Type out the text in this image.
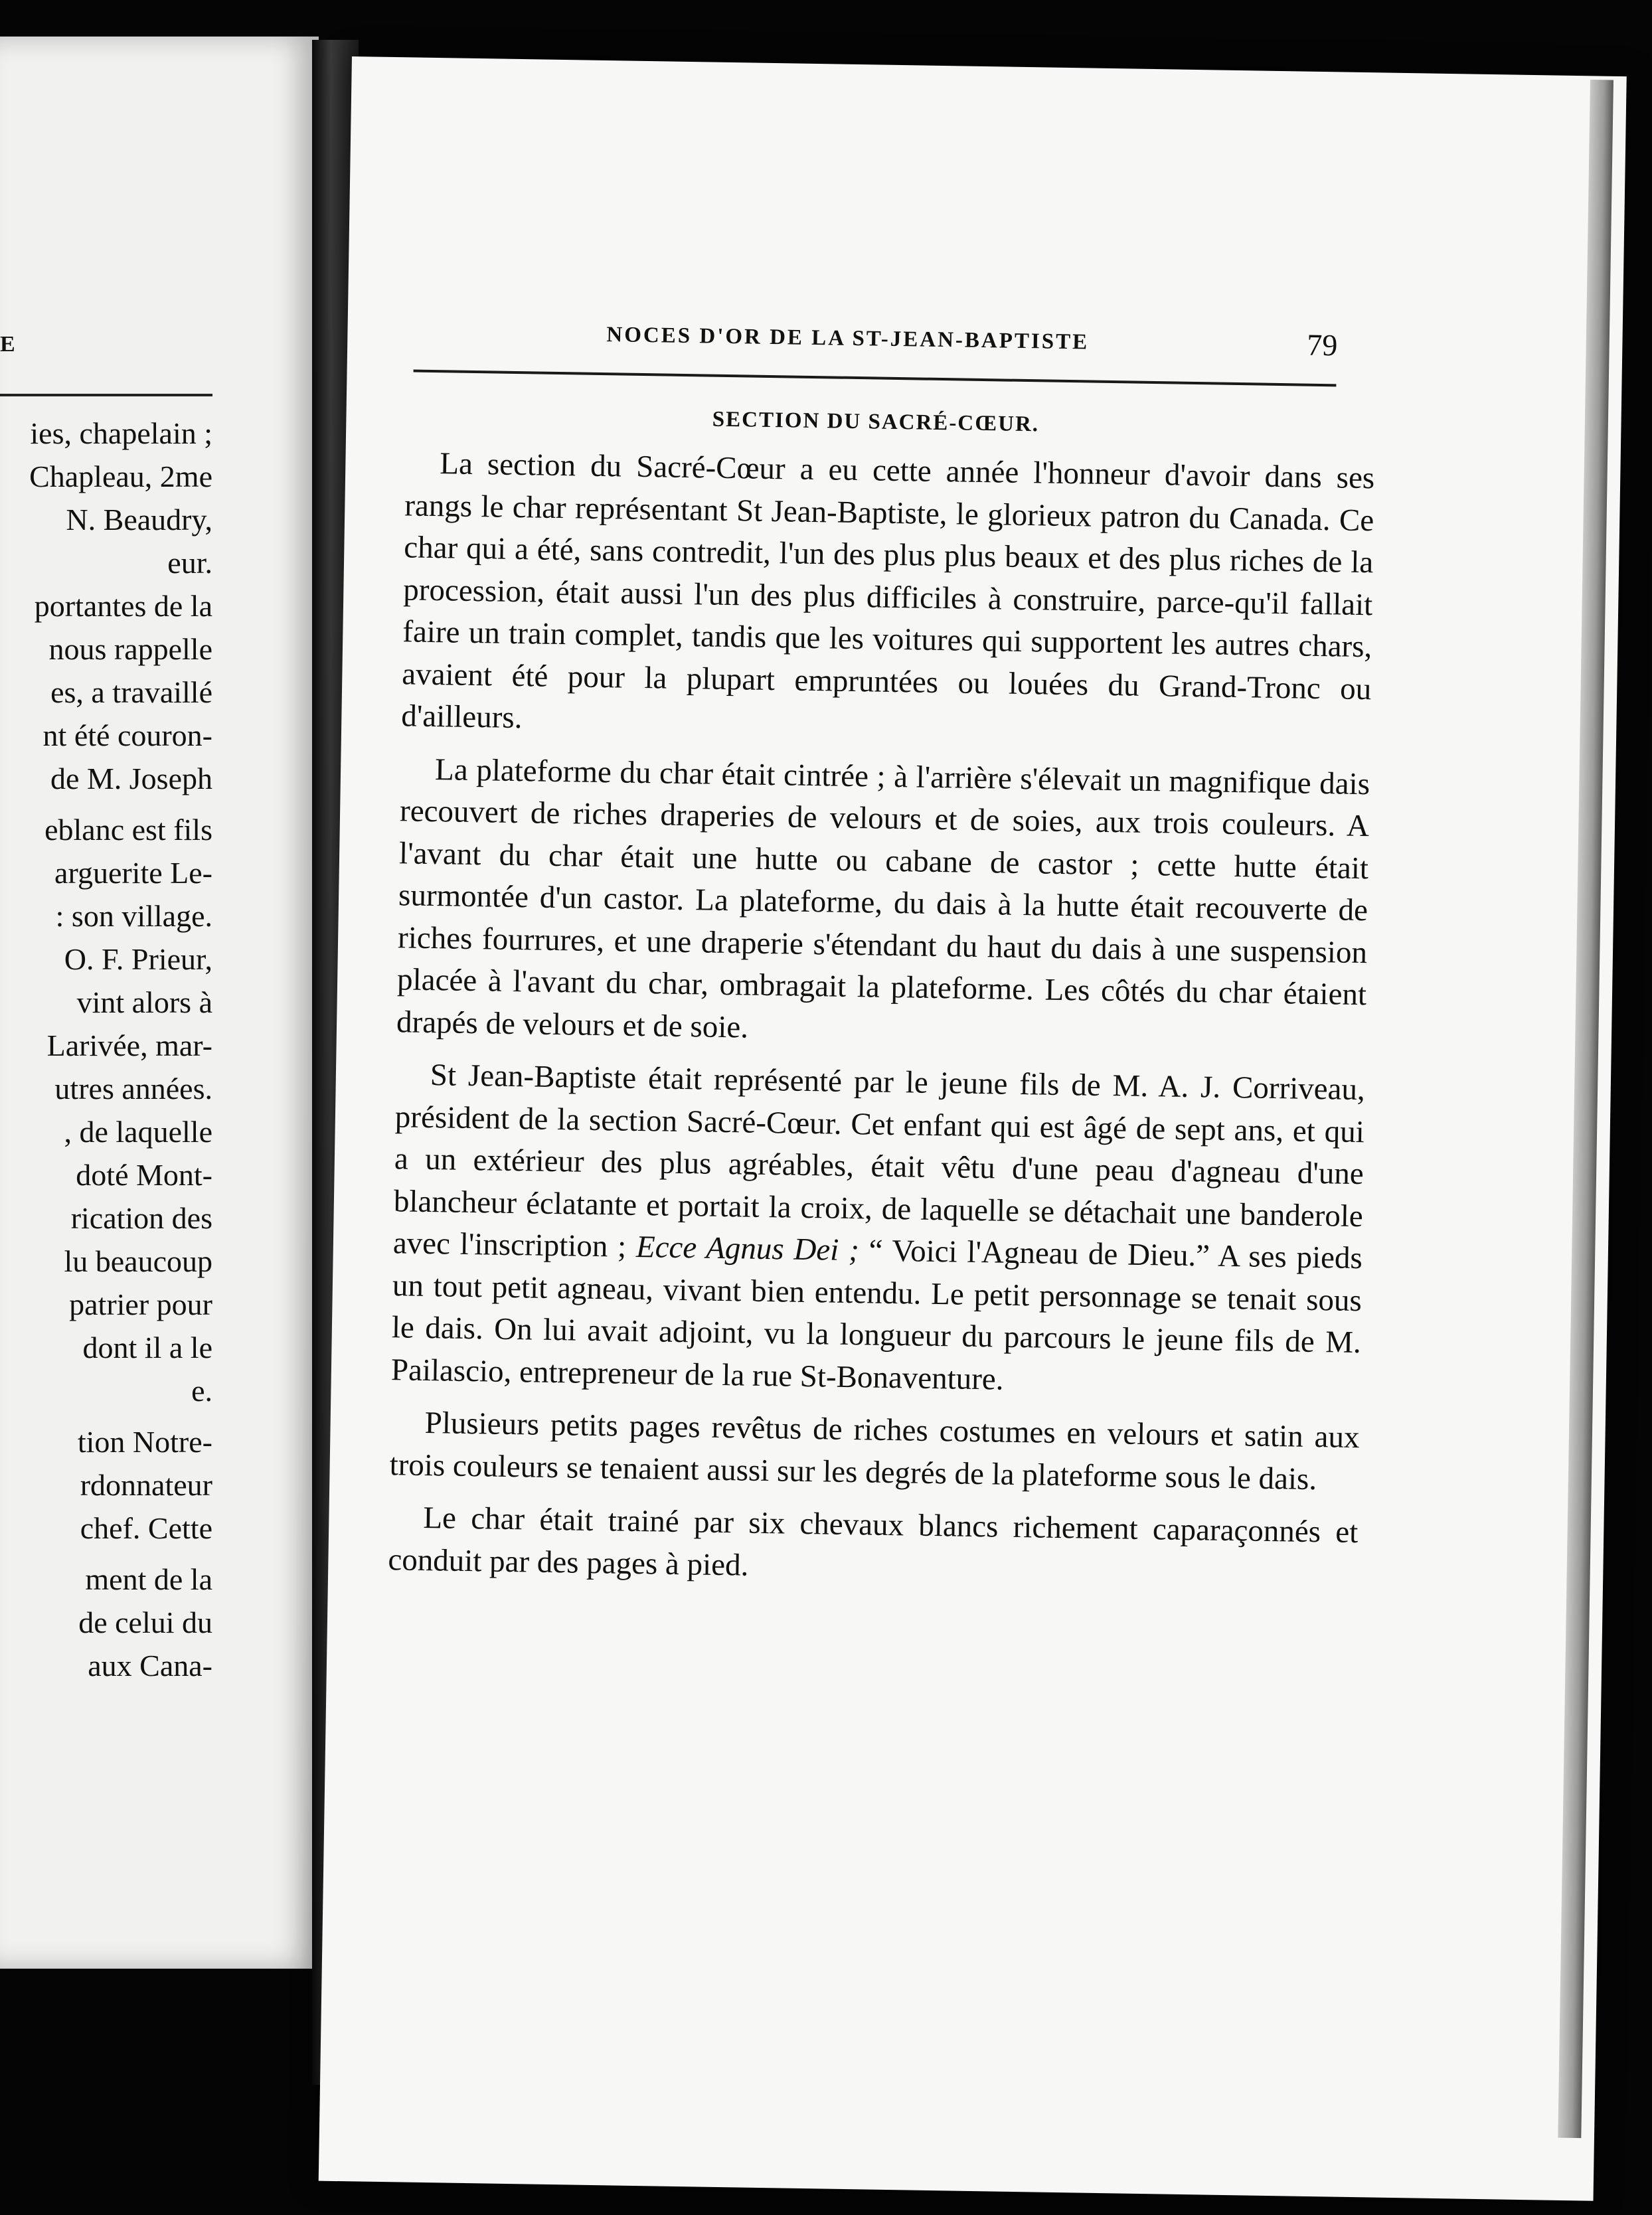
E
ies, chapelain ;
Chapleau, 2me
N. Beaudry,
eur.
portantes de la
nous rappelle
es, a travaillé
nt été couron-
de M. Joseph
eblanc est fils
arguerite Le-
: son village.
O. F. Prieur,
vint alors à
Larivée, mar-
utres années.
, de laquelle
doté Mont-
rication des
lu beaucoup
patrier pour
dont il a le
e.
tion Notre-
rdonnateur
chef. Cette
ment de la
de celui du
aux Cana-
NOCES D'OR DE LA ST-JEAN-BAPTISTE	79
SECTION DU SACRÉ-CŒUR.

La section du Sacré-Cœur a eu cette année l'honneur d'avoir dans ses rangs le char représentant St Jean-Baptiste, le glorieux patron du Canada. Ce char qui a été, sans contredit, l'un des plus plus beaux et des plus riches de la procession, était aussi l'un des plus difficiles à construire, parce-qu'il fallait faire un train complet, tandis que les voitures qui supportent les autres chars, avaient été pour la plupart empruntées ou louées du Grand-Tronc ou d'ailleurs.

La plateforme du char était cintrée ; à l'arrière s'élevait un magnifique dais recouvert de riches draperies de velours et de soies, aux trois couleurs. A l'avant du char était une hutte ou cabane de castor ; cette hutte était surmontée d'un castor. La plateforme, du dais à la hutte était recouverte de riches fourrures, et une draperie s'étendant du haut du dais à une suspension placée à l'avant du char, ombragait la plateforme. Les côtés du char étaient drapés de velours et de soie.

St Jean-Baptiste était représenté par le jeune fils de M. A. J. Corriveau, président de la section Sacré-Cœur. Cet enfant qui est âgé de sept ans, et qui a un extérieur des plus agréables, était vêtu d'une peau d'agneau d'une blancheur éclatante et portait la croix, de laquelle se détachait une banderole avec l'inscription ; Ecce Agnus Dei ; “ Voici l'Agneau de Dieu.” A ses pieds un tout petit agneau, vivant bien entendu. Le petit personnage se tenait sous le dais. On lui avait adjoint, vu la longueur du parcours le jeune fils de M. Pailascio, entrepreneur de la rue St-Bonaventure.

Plusieurs petits pages revêtus de riches costumes en velours et satin aux trois couleurs se tenaient aussi sur les degrés de la plateforme sous le dais.

Le char était trainé par six chevaux blancs richement caparaçonnés et conduit par des pages à pied.
